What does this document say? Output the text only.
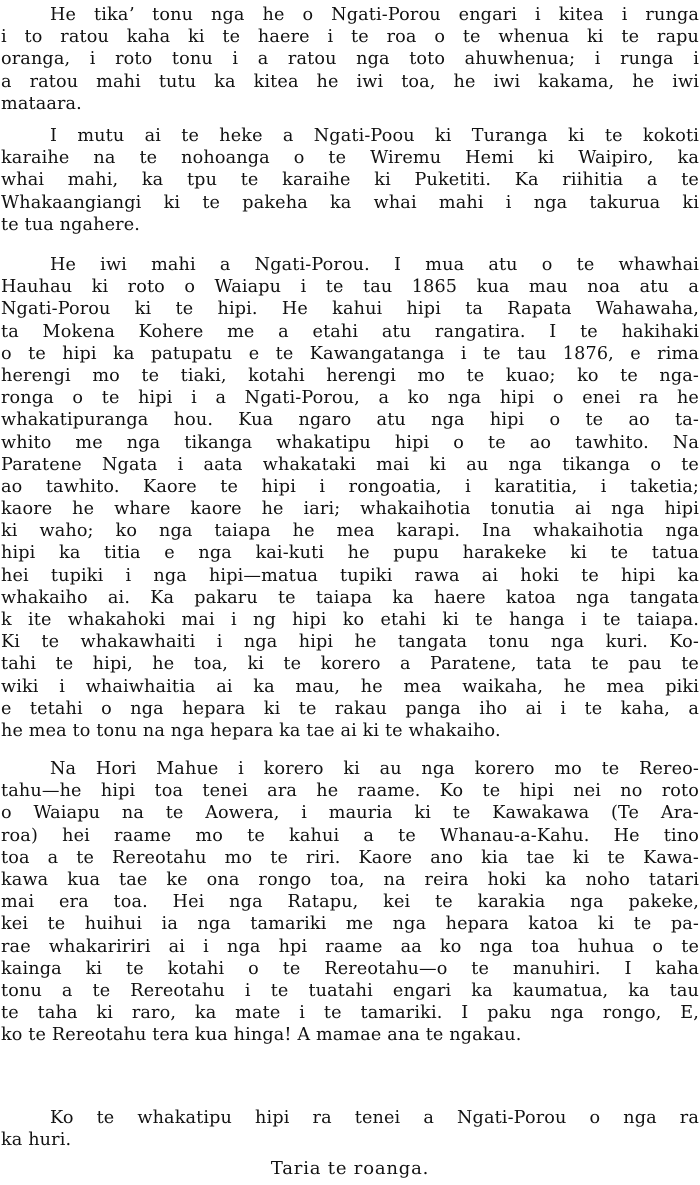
He tikaʼ tonu nga he o Ngati-Porou engari i kitea i runga
i to ratou kaha ki te haere i te roa o te whenua ki te rapu
oranga, i roto tonu i a ratou nga toto ahuwhenua; i runga i
a ratou mahi tutu ka kitea he iwi toa, he iwi kakama, he iwi
mataara.
I mutu ai te heke a Ngati-Poou ki Turanga ki te kokoti
karaihe na te nohoanga o te Wiremu Hemi ki Waipiro, ka
whai mahi, ka tpu te karaihe ki Puketiti. Ka riihitia a te
Whakaangiangi ki te pakeha ka whai mahi i nga takurua ki
te tua ngahere.
He iwi mahi a Ngati-Porou. I mua atu o te whawhai
Hauhau ki roto o Waiapu i te tau 1865 kua mau noa atu a
Ngati-Porou ki te hipi. He kahui hipi ta Rapata Wahawaha,
ta Mokena Kohere me a etahi atu rangatira. I te hakihaki
o te hipi ka patupatu e te Kawangatanga i te tau 1876, e rima
herengi mo te tiaki, kotahi herengi mo te kuao; ko te nga-
ronga o te hipi i a Ngati-Porou, a ko nga hipi o enei ra he
whakatipuranga hou. Kua ngaro atu nga hipi o te ao ta-
whito me nga tikanga whakatipu hipi o te ao tawhito. Na
Paratene Ngata i aata whakataki mai ki au nga tikanga o te
ao tawhito. Kaore te hipi i rongoatia, i karatitia, i taketia;
kaore he whare kaore he iari; whakaihotia tonutia ai nga hipi
ki waho; ko nga taiapa he mea karapi. Ina whakaihotia nga
hipi ka titia e nga kai-kuti he pupu harakeke ki te tatua
hei tupiki i nga hipi—matua tupiki rawa ai hoki te hipi ka
whakaiho ai. Ka pakaru te taiapa ka haere katoa nga tangata
k ite whakahoki mai i ng hipi ko etahi ki te hanga i te taiapa.
Ki te whakawhaiti i nga hipi he tangata tonu nga kuri. Ko-
tahi te hipi, he toa, ki te korero a Paratene, tata te pau te
wiki i whaiwhaitia ai ka mau, he mea waikaha, he mea piki
e tetahi o nga hepara ki te rakau panga iho ai i te kaha, a
he mea to tonu na nga hepara ka tae ai ki te whakaiho.
Na Hori Mahue i korero ki au nga korero mo te Rereo-
tahu—he hipi toa tenei ara he raame. Ko te hipi nei no roto
o Waiapu na te Aowera, i mauria ki te Kawakawa (Te Ara-
roa) hei raame mo te kahui a te Whanau-a-Kahu. He tino
toa a te Rereotahu mo te riri. Kaore ano kia tae ki te Kawa-
kawa kua tae ke ona rongo toa, na reira hoki ka noho tatari
mai era toa. Hei nga Ratapu, kei te karakia nga pakeke,
kei te huihui ia nga tamariki me nga hepara katoa ki te pa-
rae whakaririri ai i nga hpi raame aa ko nga toa huhua o te
kainga ki te kotahi o te Rereotahu—o te manuhiri. I kaha
tonu a te Rereotahu i te tuatahi engari ka kaumatua, ka tau
te taha ki raro, ka mate i te tamariki. I paku nga rongo, E,
ko te Rereotahu tera kua hinga! A mamae ana te ngakau.
Ko te whakatipu hipi ra tenei a Ngati-Porou o nga ra
ka huri.
Taria te roanga.
